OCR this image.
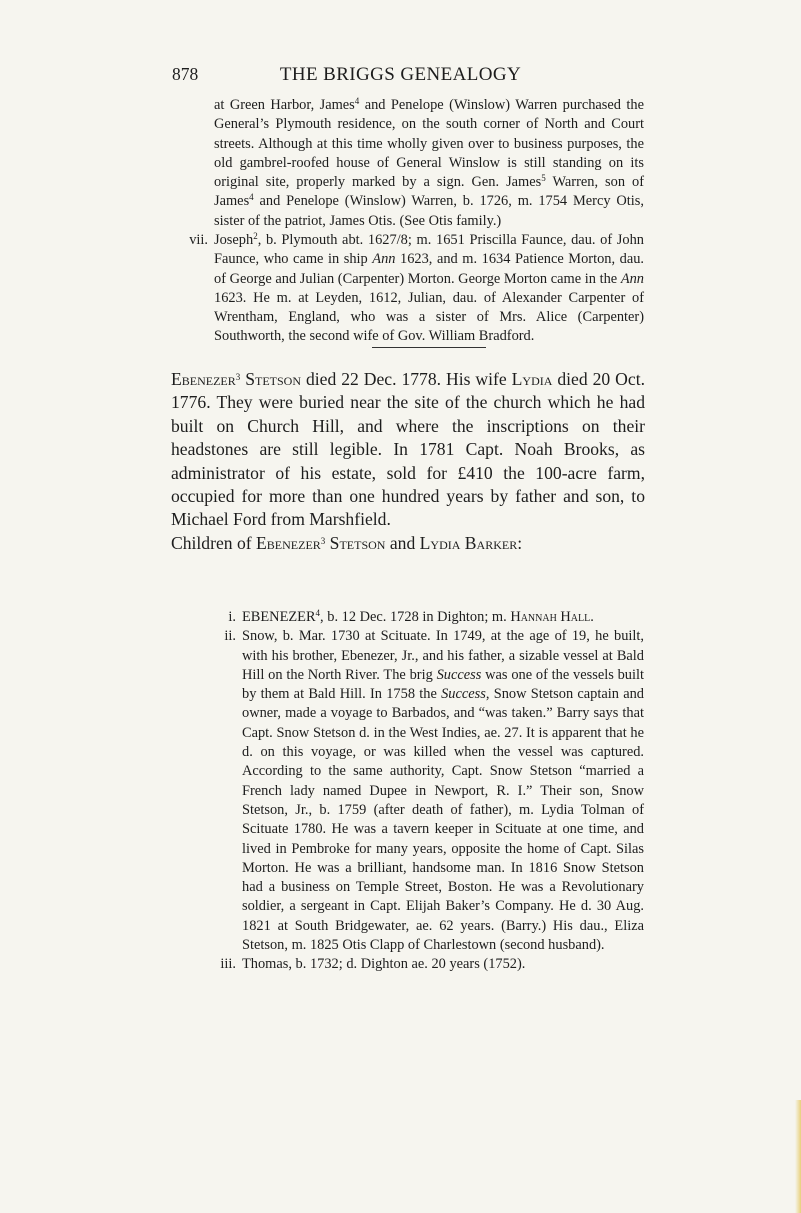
878	THE BRIGGS GENEALOGY

at Green Harbor, James$^4$ and Penelope (Winslow) Warren purchased the General’s Plymouth residence, on the south corner of North and Court streets. Although at this time wholly given over to business purposes, the old gambrel-roofed house of General Winslow is still standing on its original site, properly marked by a sign. Gen. James$^5$ Warren, son of James$^4$ and Penelope (Winslow) Warren, b. 1726, m. 1754 Mercy Otis, sister of the patriot, James Otis. (See Otis family.)

vii. Joseph$^2$, b. Plymouth abt. 1627/8; m. 1651 Priscilla Faunce, dau. of John Faunce, who came in ship Ann 1623, and m. 1634 Patience Morton, dau. of George and Julian (Carpenter) Morton. George Morton came in the Ann 1623. He m. at Leyden, 1612, Julian, dau. of Alexander Carpenter of Wrentham, England, who was a sister of Mrs. Alice (Carpenter) Southworth, the second wife of Gov. William Bradford.

Ebenezer$^3$ Stetson died 22 Dec. 1778. His wife Lydia died 20 Oct. 1776. They were buried near the site of the church which he had built on Church Hill, and where the inscriptions on their headstones are still legible. In 1781 Capt. Noah Brooks, as administrator of his estate, sold for £410 the 100-acre farm, occupied for more than one hundred years by father and son, to Michael Ford from Marshfield.

Children of Ebenezer$^3$ Stetson and Lydia Barker:

i. EBENEZER$^4$, b. 12 Dec. 1728 in Dighton; m. Hannah Hall.

ii. Snow, b. Mar. 1730 at Scituate. In 1749, at the age of 19, he built, with his brother, Ebenezer, Jr., and his father, a sizable vessel at Bald Hill on the North River. The brig Success was one of the vessels built by them at Bald Hill. In 1758 the Success, Snow Stetson captain and owner, made a voyage to Barbados, and “was taken.” Barry says that Capt. Snow Stetson d. in the West Indies, ae. 27. It is apparent that he d. on this voyage, or was killed when the vessel was captured. According to the same authority, Capt. Snow Stetson “married a French lady named Dupee in Newport, R. I.” Their son, Snow Stetson, Jr., b. 1759 (after death of father), m. Lydia Tolman of Scituate 1780. He was a tavern keeper in Scituate at one time, and lived in Pembroke for many years, opposite the home of Capt. Silas Morton. He was a brilliant, handsome man. In 1816 Snow Stetson had a business on Temple Street, Boston. He was a Revolutionary soldier, a sergeant in Capt. Elijah Baker’s Company. He d. 30 Aug. 1821 at South Bridgewater, ae. 62 years. (Barry.) His dau., Eliza Stetson, m. 1825 Otis Clapp of Charlestown (second husband).

iii. Thomas, b. 1732; d. Dighton ae. 20 years (1752).
